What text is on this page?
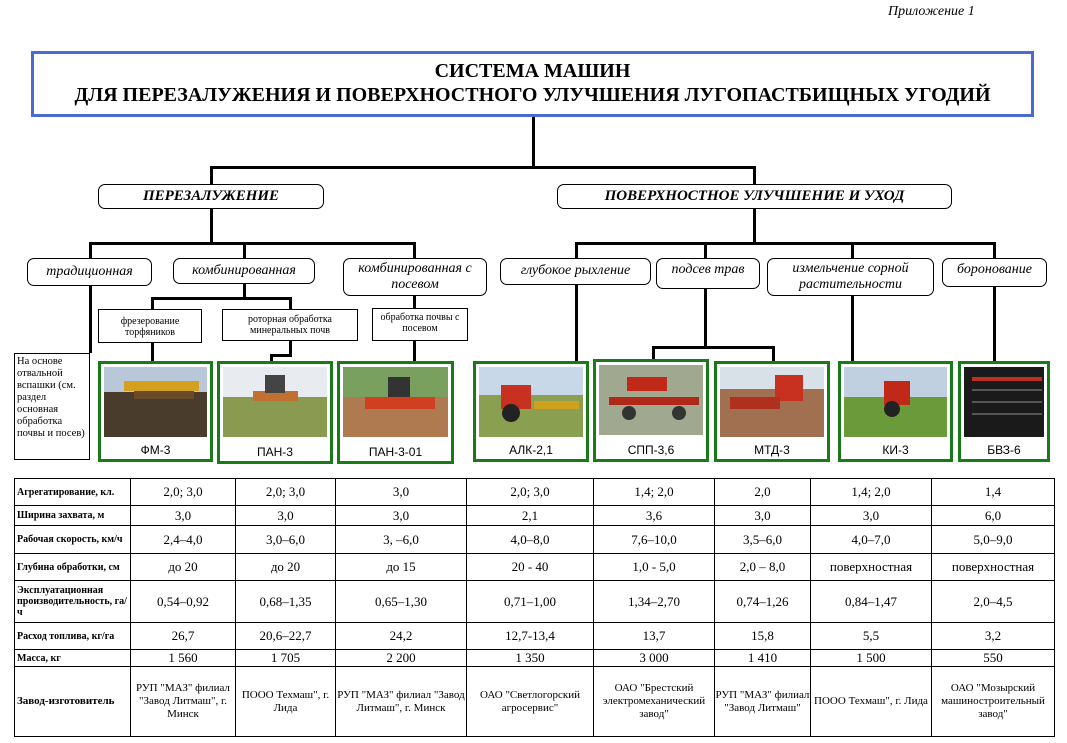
Приложение 1
СИСТЕМА МАШИН
ДЛЯ ПЕРЕЗАЛУЖЕНИЯ И ПОВЕРХНОСТНОГО УЛУЧШЕНИЯ ЛУГОПАСТБИЩНЫХ УГОДИЙ
ПЕРЕЗАЛУЖЕНИЕ	ПОВЕРХНОСТНОЕ УЛУЧШЕНИЕ И УХОД
традиционная	комбинированная	комбинированная с посевом
глубокое рыхление	подсев трав	измельчение сорной растительности
боронование
фрезерование торфяников
роторная обработка минеральных почв
обработка почвы с посевом
На основе отвальной вспашки (см. раздел основная обработка почвы и посев)
ФМ-3	ПАН-3	ПАН-3-01	АЛК-2,1	СПП-3,6	МТД-3	КИ-3	БВЗ-6
Агрегатирование, кл.	2,0; 3,0	2,0; 3,0	3,0	2,0; 3,0	1,4; 2,0	2,0	1,4; 2,0	1,4
Ширина захвата, м	3,0	3,0	3,0	2,1	3,6	3,0	3,0	6,0
Рабочая скорость, км/ч	2,4–4,0	3,0–6,0	3, –6,0	4,0–8,0	7,6–10,0	3,5–6,0	4,0–7,0	5,0–9,0
Глубина обработки, см	до 20	до 20	до 15	20 - 40	1,0 - 5,0	2,0 – 8,0	поверхностная	поверхностная
Эксплуатационная производительность, га/ч	0,54–0,92	0,68–1,35	0,65–1,30	0,71–1,00	1,34–2,70	0,74–1,26	0,84–1,47	2,0–4,5
Расход топлива, кг/га	26,7	20,6–22,7	24,2	12,7-13,4	13,7	15,8	5,5	3,2
Масса, кг	1 560	1 705	2 200	1 350	3 000	1 410	1 500	550
Завод-изготовитель	РУП "МАЗ" филиал "Завод Литмаш", г. Минск	ПООО Техмаш", г. Лида	РУП "МАЗ" филиал "Завод Литмаш", г. Минск	ОАО "Светлогорский агросервис"	ОАО "Брестский электромеханический завод"	РУП "МАЗ" филиал "Завод Литмаш"	ПООО Техмаш", г. Лида	ОАО "Мозырский машиностроительный завод"
